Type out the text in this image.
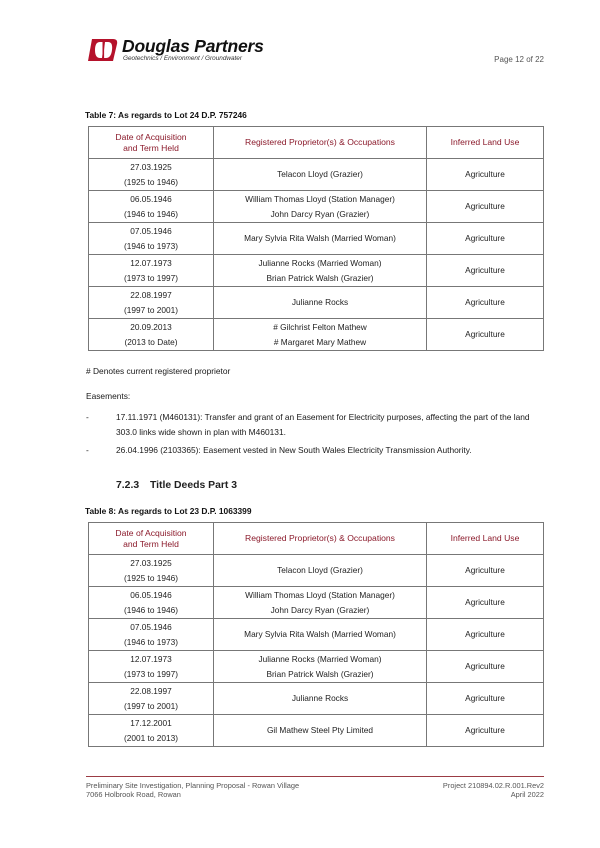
Douglas Partners
Geotechnics / Environment / Groundwater	Page 12 of 22
Table 7: As regards to Lot 24 D.P. 757246
Date of Acquisition
and Term Held	Registered Proprietor(s) & Occupations	Inferred Land Use

27.03.1925
(1925 to 1946)	Telacon Lloyd (Grazier)	Agriculture

06.05.1946
(1946 to 1946)	William Thomas Lloyd (Station Manager)
John Darcy Ryan (Grazier)	Agriculture

07.05.1946
(1946 to 1973)	Mary Sylvia Rita Walsh (Married Woman)	Agriculture

12.07.1973
(1973 to 1997)	Julianne Rocks (Married Woman)
Brian Patrick Walsh (Grazier)	Agriculture

22.08.1997
(1997 to 2001)	Julianne Rocks	Agriculture

20.09.2013
(2013 to Date)	# Gilchrist Felton Mathew
# Margaret Mary Mathew	Agriculture
# Denotes current registered proprietor
Easements:
-	17.11.1971 (M460131): Transfer and grant of an Easement for Electricity purposes, affecting the part of the land 303.0 links wide shown in plan with M460131.
-	26.04.1996 (2103365): Easement vested in New South Wales Electricity Transmission Authority.
7.2.3 Title Deeds Part 3
Table 8: As regards to Lot 23 D.P. 1063399
Date of Acquisition
and Term Held	Registered Proprietor(s) & Occupations	Inferred Land Use

27.03.1925
(1925 to 1946)	Telacon Lloyd (Grazier)	Agriculture

06.05.1946
(1946 to 1946)	William Thomas Lloyd (Station Manager)
John Darcy Ryan (Grazier)	Agriculture

07.05.1946
(1946 to 1973)	Mary Sylvia Rita Walsh (Married Woman)	Agriculture

12.07.1973
(1973 to 1997)	Julianne Rocks (Married Woman)
Brian Patrick Walsh (Grazier)	Agriculture

22.08.1997
(1997 to 2001)	Julianne Rocks	Agriculture

17.12.2001
(2001 to 2013)	Gil Mathew Steel Pty Limited	Agriculture
Preliminary Site Investigation, Planning Proposal - Rowan Village
7066 Holbrook Road, Rowan
Project 210894.02.R.001.Rev2
April 2022
